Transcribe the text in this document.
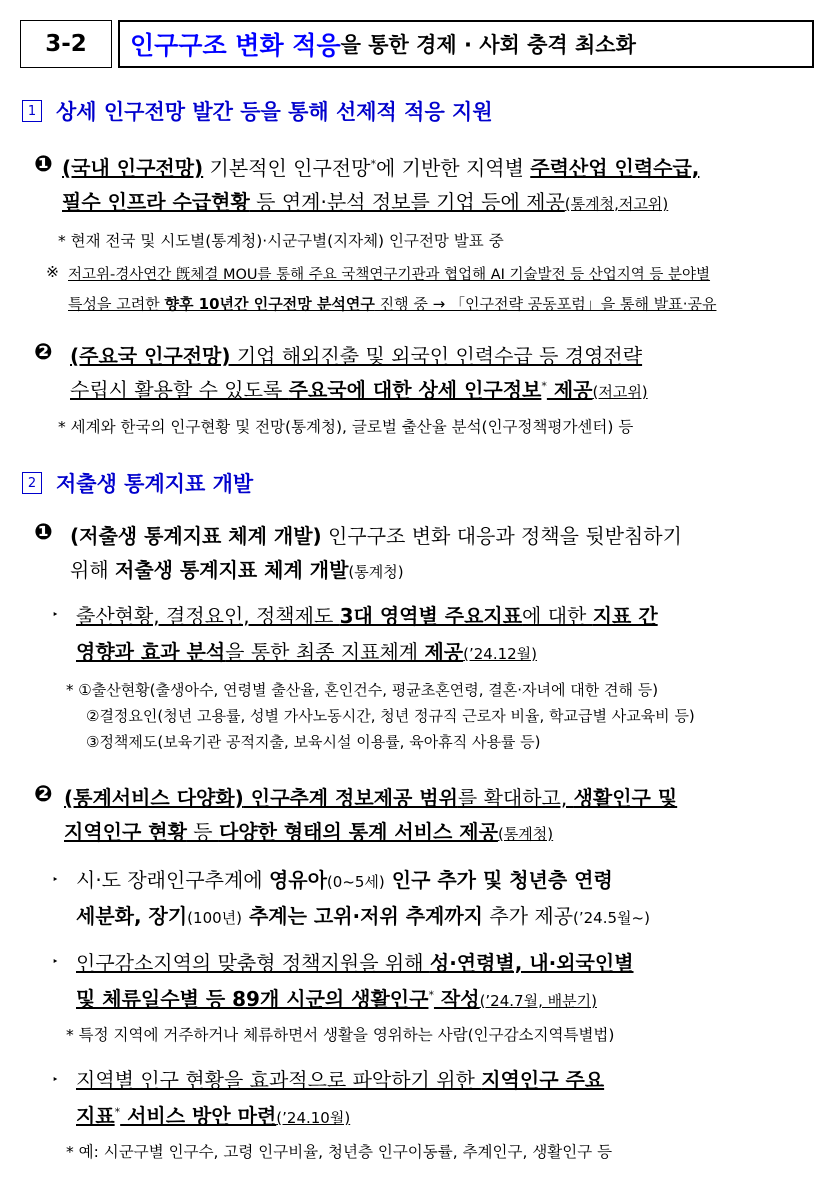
3-2 인구구조 변화 적응 을 통한 경제 · 사회 충격 최소화
1 상세 인구전망 발간 등을 통해 선제적 적응 지원
❶ (국내 인구전망) 기본적인 인구전망*에 기반한 지역별 주력산업 인력수급,
필수 인프라 수급현황 등 연계·분석 정보를 기업 등에 제공(통계청,저고위)
* 현재 전국 및 시도별(통계청)·시군구별(지자체) 인구전망 발표 중
※ 저고위-경사연간 旣체결 MOU를 통해 주요 국책연구기관과 협업해 AI 기술발전 등 산업지역 등 분야별
특성을 고려한 향후 10년간 인구전망 분석연구 진행 중 → 「인구전략 공동포럼」을 통해 발표·공유
❷ (주요국 인구전망) 기업 해외진출 및 외국인 인력수급 등 경영전략
수립시 활용할 수 있도록 주요국에 대한 상세 인구정보* 제공(저고위)
* 세계와 한국의 인구현황 및 전망(통계청), 글로벌 출산율 분석(인구정책평가센터) 등
2 저출생 통계지표 개발
❶ (저출생 통계지표 체계 개발) 인구구조 변화 대응과 정책을 뒷받침하기
위해 저출생 통계지표 체계 개발(통계청)
‣ 출산현황, 결정요인, 정책제도 3대 영역별 주요지표에 대한 지표 간
영향과 효과 분석을 통한 최종 지표체계 제공(’24.12월)
* ①출산현황(출생아수, 연령별 출산율, 혼인건수, 평균초혼연령, 결혼·자녀에 대한 견해 등)
②결정요인(청년 고용률, 성별 가사노동시간, 청년 정규직 근로자 비율, 학교급별 사교육비 등)
③정책제도(보육기관 공적지출, 보육시설 이용률, 육아휴직 사용률 등)
❷ (통계서비스 다양화) 인구추계 정보제공 범위를 확대하고, 생활인구 및
지역인구 현황 등 다양한 형태의 통계 서비스 제공(통계청)
‣ 시·도 장래인구추계에 영유아(0~5세) 인구 추가 및 청년층 연령
세분화, 장기(100년) 추계는 고위·저위 추계까지 추가 제공(’24.5월~)
‣ 인구감소지역의 맞춤형 정책지원을 위해 성·연령별, 내·외국인별
및 체류일수별 등 89개 시군의 생활인구* 작성(’24.7월, 배분기)
* 특정 지역에 거주하거나 체류하면서 생활을 영위하는 사람(인구감소지역특별법)
‣ 지역별 인구 현황을 효과적으로 파악하기 위한 지역인구 주요
지표* 서비스 방안 마련(’24.10월)
* 예: 시군구별 인구수, 고령 인구비율, 청년층 인구이동률, 추계인구, 생활인구 등
